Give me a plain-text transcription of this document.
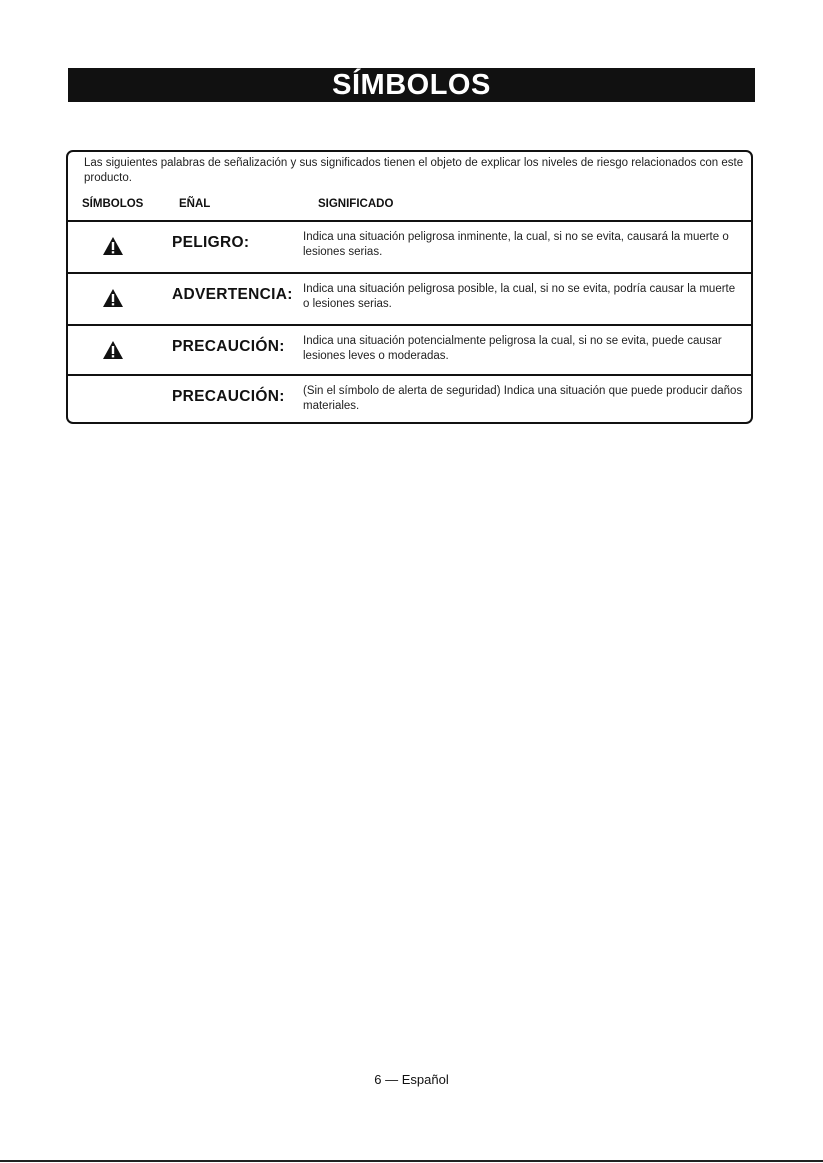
SÍMBOLOS
Las siguientes palabras de señalización y sus significados tienen el objeto de explicar los niveles de riesgo relacionados con este producto.
SÍMBOLOS	EÑAL	SIGNIFICADO
PELIGRO:	Indica una situación peligrosa inminente, la cual, si no se evita, causará la muerte o lesiones serias.
ADVERTENCIA: Indica una situación peligrosa posible, la cual, si no se evita, podría causar la muerte o lesiones serias.
PRECAUCIÓN: Indica una situación potencialmente peligrosa la cual, si no se evita, puede causar lesiones leves o moderadas.
PRECAUCIÓN: (Sin el símbolo de alerta de seguridad) Indica una situación que puede producir daños materiales.
6 — Español
